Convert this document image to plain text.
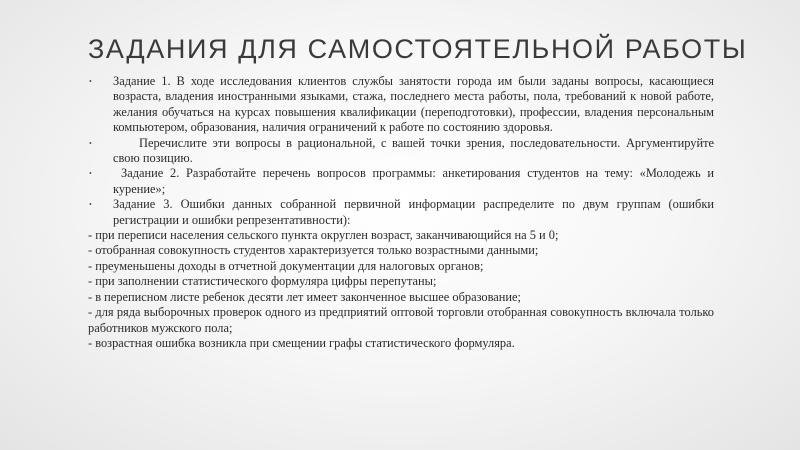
ЗАДАНИЯ ДЛЯ САМОСТОЯТЕЛЬНОЙ РАБОТЫ
• Задание 1. В ходе исследования клиентов службы занятости города им были заданы вопросы, касающиеся возраста, владения иностранными языками, стажа, последнего места работы, пола, требований к новой работе, желания обучаться на курсах повышения квалификации (переподготовки), профессии, владения персональным компьютером, образования, наличия ограничений к работе по состоянию здоровья.
•	Перечислите эти вопросы в рациональной, с вашей точки зрения, последовательности. Аргументируйте свою позицию.
•	Задание 2. Разработайте перечень вопросов программы: анкетирования студентов на тему: «Молодежь и курение»;
• Задание 3. Ошибки данных собранной первичной информации распределите по двум группам (ошибки регистрации и ошибки репрезентативности):
- при переписи населения сельского пункта округлен возраст, заканчивающийся на 5 и 0;
- отобранная совокупность студентов характеризуется только возрастными данными;
- преуменьшены доходы в отчетной документации для налоговых органов;
- при заполнении статистического формуляра цифры перепутаны;
- в переписном листе ребенок десяти лет имеет законченное высшее образование;
- для ряда выборочных проверок одного из предприятий оптовой торговли отобранная совокупность включала только работников мужского пола;
- возрастная ошибка возникла при смещении графы статистического формуляра.
